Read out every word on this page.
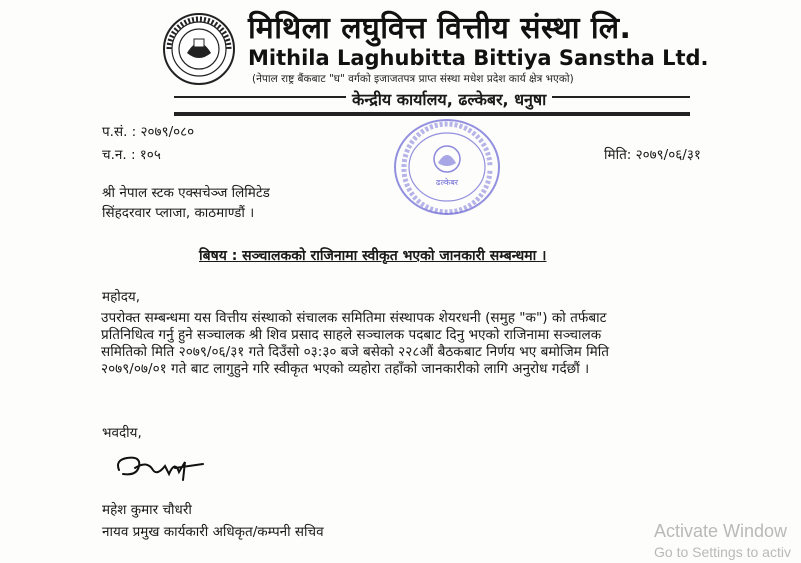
मिथिला लघुवित्त वित्तीय संस्था लि.
Mithila Laghubitta Bittiya Sanstha Ltd.
(नेपाल राष्ट्र बैंकबाट "घ" वर्गको इजाजतपत्र प्राप्त संस्था मधेश प्रदेश कार्य क्षेत्र भएको)
केन्द्रीय कार्यालय, ढल्केबर, धनुषा
प.सं. : २०७९/०८०
च.न. : १०५	मिति: २०७९/०६/३१
ढल्केबर
श्री नेपाल स्टक एक्सचेञ्ज लिमिटेड
सिंहदरवार प्लाजा, काठमाण्डौं ।
बिषय : सञ्चालकको राजिनामा स्वीकृत भएको जानकारी सम्बन्धमा ।
महोदय,
उपरोक्त सम्बन्धमा यस वित्तीय संस्थाको संचालक समितिमा संस्थापक शेयरधनी (समुह "क") को तर्फबाट
प्रतिनिधित्व गर्नु हुने सञ्चालक श्री शिव प्रसाद साहले सञ्चालक पदबाट दिनु भएको राजिनामा सञ्चालक
समितिको मिति २०७९/०६/३१ गते दिउँसो ०३:३० बजे बसेको २२८औं बैठकबाट निर्णय भए बमोजिम मिति
२०७९/०७/०१ गते बाट लागुहुने गरि स्वीकृत भएको व्यहोरा तहाँको जानकारीको लागि अनुरोध गर्दछौं ।
भवदीय,
महेश कुमार चौधरी
नायव प्रमुख कार्यकारी अधिकृत/कम्पनी सचिव	Activate Window
Go to Settings to activ
